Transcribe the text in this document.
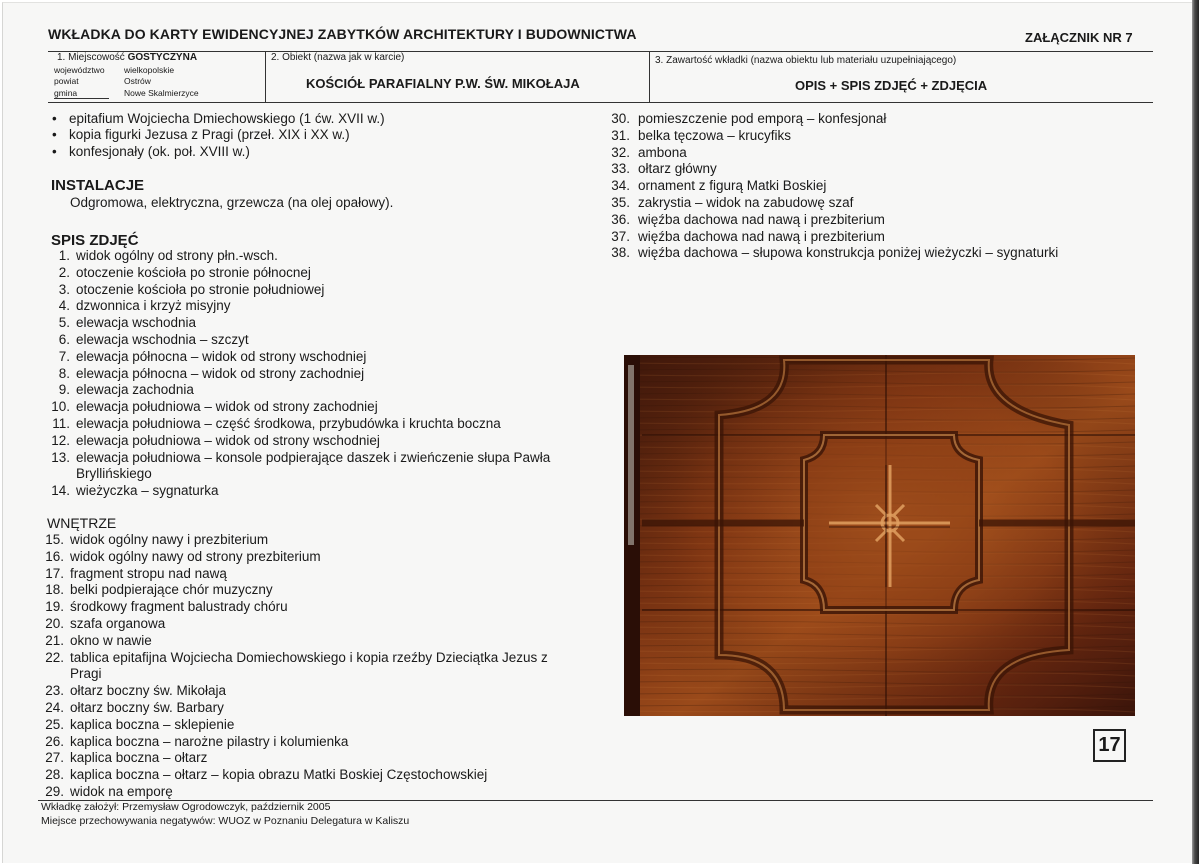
WKŁADKA DO KARTY EWIDENCYJNEJ ZABYTKÓW ARCHITEKTURY I BUDOWNICTWA	ZAŁĄCZNIK NR 7
1. Miejscowość GOSTYCZYNA
województwo wielkopolskie
powiat	Ostrów
gmina	Nowe Skalmierzyce
2. Obiekt (nazwa jak w karcie)
KOŚCIÓŁ PARAFIALNY P.W. ŚW. MIKOŁAJA
3. Zawartość wkładki (nazwa obiektu lub materiału uzupełniającego)
OPIS + SPIS ZDJĘĆ + ZDJĘCIA
epitafium Wojciecha Dmiechowskiego (1 ćw. XVII w.)
kopia figurki Jezusa z Pragi (przeł. XIX i XX w.)
konfesjonały (ok. poł. XVIII w.)
INSTALACJE
Odgromowa, elektryczna, grzewcza (na olej opałowy).
SPIS ZDJĘĆ
1. widok ogólny od strony płn.-wsch.
2. otoczenie kościoła po stronie północnej
3. otoczenie kościoła po stronie południowej
4. dzwonnica i krzyż misyjny
5. elewacja wschodnia
6. elewacja wschodnia – szczyt
7. elewacja północna – widok od strony wschodniej
8. elewacja północna – widok od strony zachodniej
9. elewacja zachodnia
10. elewacja południowa – widok od strony zachodniej
11. elewacja południowa – część środkowa, przybudówka i kruchta boczna
12. elewacja południowa – widok od strony wschodniej
13. elewacja południowa – konsole podpierające daszek i zwieńczenie słupa Pawła
Bryllińskiego
14. wieżyczka – sygnaturka
WNĘTRZE
15. widok ogólny nawy i prezbiterium
16. widok ogólny nawy od strony prezbiterium
17. fragment stropu nad nawą
18. belki podpierające chór muzyczny
19. środkowy fragment balustrady chóru
20. szafa organowa
21. okno w nawie
22. tablica epitafijna Wojciecha Domiechowskiego i kopia rzeźby Dzieciątka Jezus z
Pragi
23. ołtarz boczny św. Mikołaja
24. ołtarz boczny św. Barbary
25. kaplica boczna – sklepienie
26. kaplica boczna – narożne pilastry i kolumienka
27. kaplica boczna – ołtarz
28. kaplica boczna – ołtarz – kopia obrazu Matki Boskiej Częstochowskiej
29. widok na emporę
30. pomieszczenie pod emporą – konfesjonał
31. belka tęczowa – krucyfiks
32. ambona
33. ołtarz główny
34. ornament z figurą Matki Boskiej
35. zakrystia – widok na zabudowę szaf
36. więźba dachowa nad nawą i prezbiterium
37. więźba dachowa nad nawą i prezbiterium
38. więźba dachowa – słupowa konstrukcja poniżej wieżyczki – sygnaturki
17
Wkładkę założył: Przemysław Ogrodowczyk, październik 2005
Miejsce przechowywania negatywów: WUOZ w Poznaniu Delegatura w Kaliszu
